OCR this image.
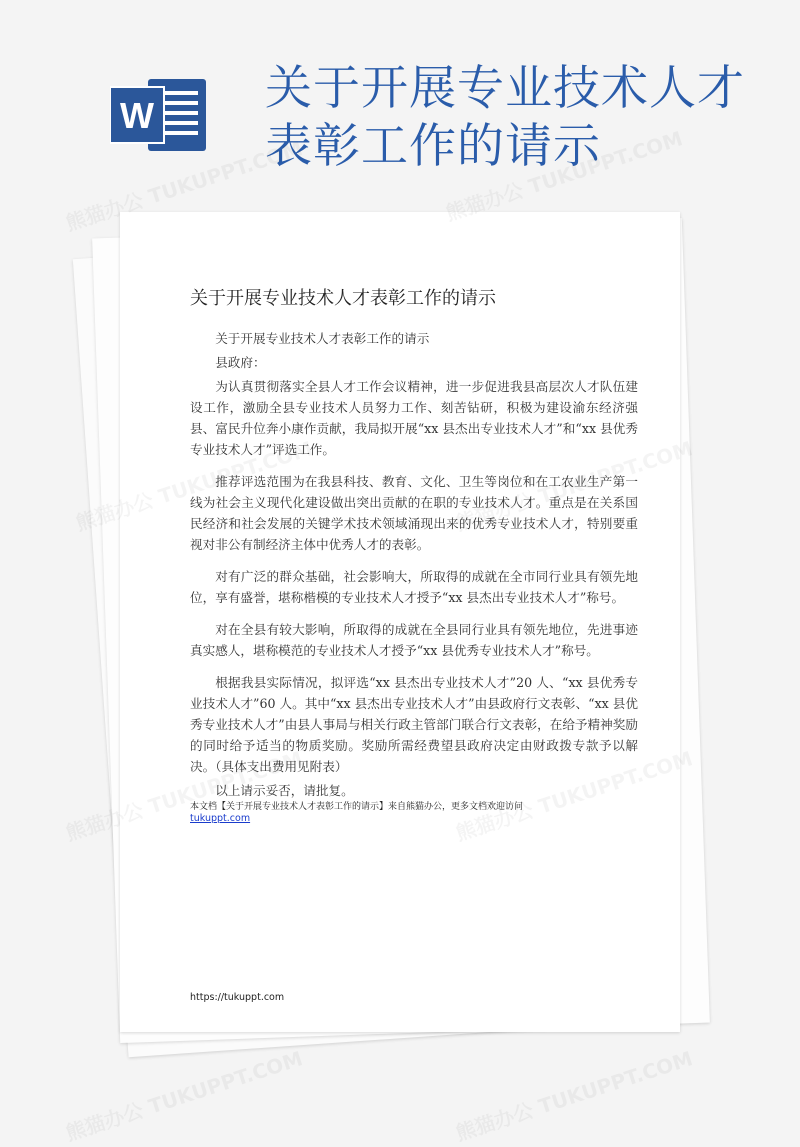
W 关于开展专业技术人才
表彰工作的请示
关于开展专业技术人才表彰工作的请示

关于开展专业技术人才表彰工作的请示

县政府：

为认真贯彻落实全县人才工作会议精神，进一步促进我县高层次人才队伍建设工作，激励全县专业技术人员努力工作、刻苦钻研，积极为建设渝东经济强县、富民升位奔小康作贡献，我局拟开展“xx 县杰出专业技术人才”和“xx 县优秀专业技术人才”评选工作。

推荐评选范围为在我县科技、教育、文化、卫生等岗位和在工农业生产第一线为社会主义现代化建设做出突出贡献的在职的专业技术人才。重点是在关系国民经济和社会发展的关键学术技术领域涌现出来的优秀专业技术人才，特别要重视对非公有制经济主体中优秀人才的表彰。

对有广泛的群众基础，社会影响大，所取得的成就在全市同行业具有领先地位，享有盛誉，堪称楷模的专业技术人才授予“xx 县杰出专业技术人才”称号。

对在全县有较大影响，所取得的成就在全县同行业具有领先地位，先进事迹真实感人，堪称模范的专业技术人才授予“xx 县优秀专业技术人才”称号。

根据我县实际情况，拟评选“xx 县杰出专业技术人才”20 人、“xx 县优秀专业技术人才”60 人。其中“xx 县杰出专业技术人才”由县政府行文表彰、“xx 县优秀专业技术人才”由县人事局与相关行政主管部门联合行文表彰，在给予精神奖励的同时给予适当的物质奖励。奖励所需经费望县政府决定由财政拨专款予以解决。（具体支出费用见附表）

以上请示妥否，请批复。

本文档【关于开展专业技术人才表彰工作的请示】来自熊猫办公，更多文档欢迎访问
tukuppt.com
https://tukuppt.com
